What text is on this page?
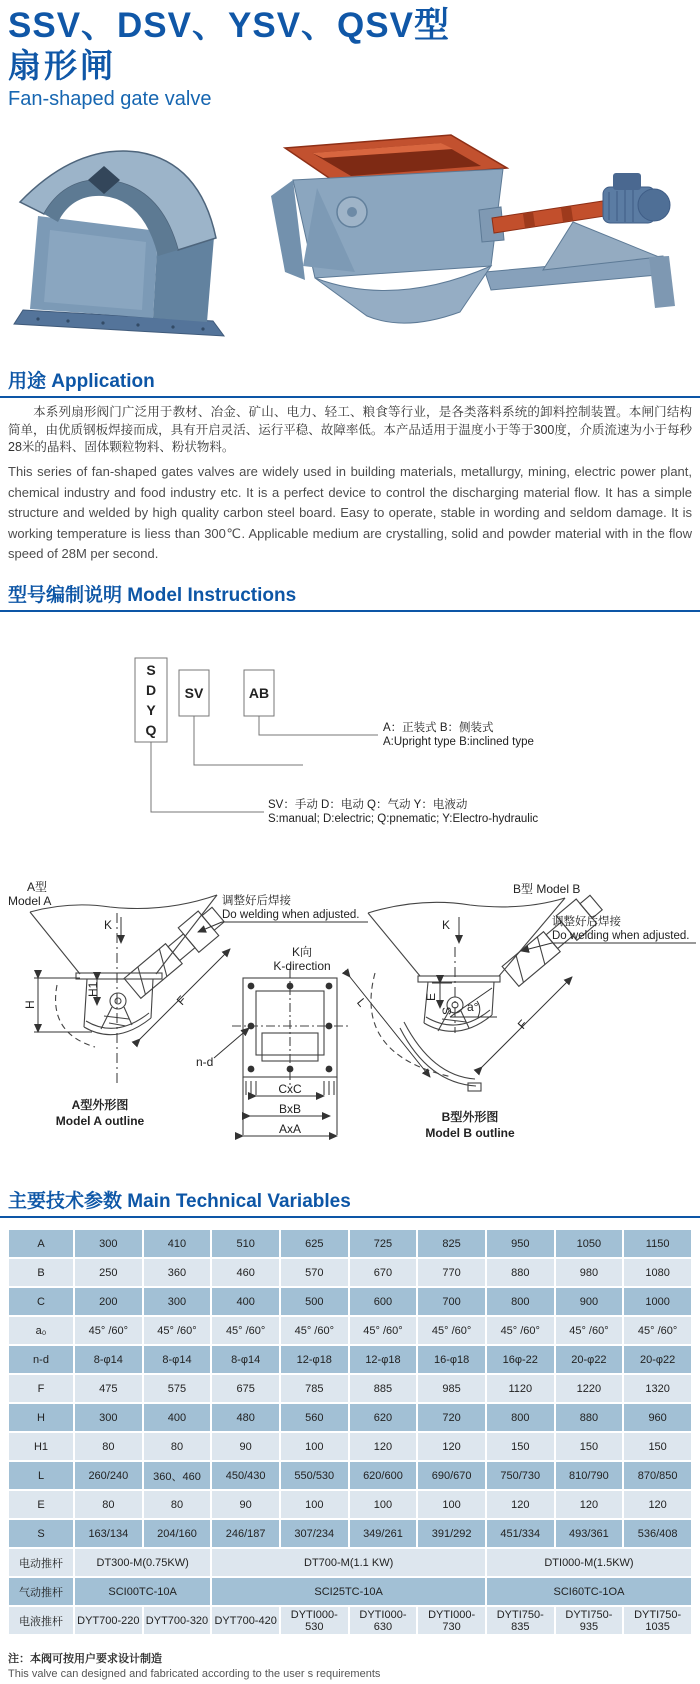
SSV、DSV、YSV、QSV型
扇形闸
Fan-shaped gate valve
用途 Application
本系列扇形阀门广泛用于教材、冶金、矿山、电力、轻工、粮食等行业，是各类落料系统的卸料控制装置。本闸门结构简单，由优质钢板焊接而成，具有开启灵活、运行平稳、故障率低。本产品适用于温度小于等于300度，介质流速为小于每秒28米的晶料、固体颗粒物料、粉状物料。
This series of fan-shaped gates valves are widely used in building materials, metallurgy, mining, electric power plant, chemical industry and food industry etc. It is a perfect device to control the discharging material flow. It has a simple structure and welded by high quality carbon steel board. Easy to operate, stable in wording and seldom damage. It is working temperature is liess than 300℃. Applicable medium are crystalling, solid and powder material with in the flow speed of 28M per second.
型号编制说明 Model Instructions
S
D
Y
Q
SV	AB
A：正装式 B：侧装式
A:Upright type B:inclined type
SV：手动 D：电动 Q：气动 Y：电液动
S:manual; D:electric; Q:pnematic; Y:Electro-hydraulic
A型
Model A
K
H
H1
F
调整好后焊接
Do welding when adjusted.
K向
K-direction
CxC
BxB
AxA
n-d
B型 Model B
K
L	E
S a°
F
调整好后焊接
Do welding when adjusted.
A型外形图
Model A outline	B型外形图
Model B outline
主要技术参数 Main Technical Variables
A	300	410	510	625	725	825	950	1050	1150
B	250	360	460	570	670	770	880	980	1080
C	200	300	400	500	600	700	800	900	1000
a₀	45° /60°	45° /60°	45° /60°	45° /60°	45° /60°	45° /60°	45° /60°	45° /60°	45° /60°
n-d	8-φ14	8-φ14	8-φ14	12-φ18	12-φ18	16-φ18	16φ-22	20-φ22	20-φ22
F	475	575	675	785	885	985	1120	1220	1320
H	300	400	480	560	620	720	800	880	960
H1	80	80	90	100	120	120	150	150	150
L	260/240	360、460	450/430	550/530	620/600	690/670	750/730	810/790	870/850
E	80	80	90	100	100	100	120	120	120
S	163/134	204/160	246/187	307/234	349/261	391/292	451/334	493/361	536/408
电动推杆	DT300-M(0.75KW)		DT700-M(1.1 KW)				DTI000-M(1.5KW)		
气动推杆	SCI00TC-10A		SCI25TC-10A				SCI60TC-1OA		
电液推杆	DYT700-220	DYT700-320	DYT700-420	DYTI000-530	DYTI000-630	DYTI000-730	DYTI750-835	DYTI750-935	DYTI750-1035
注：本阀可按用户要求设计制造
This valve can designed and fabricated according to the user s requirements
